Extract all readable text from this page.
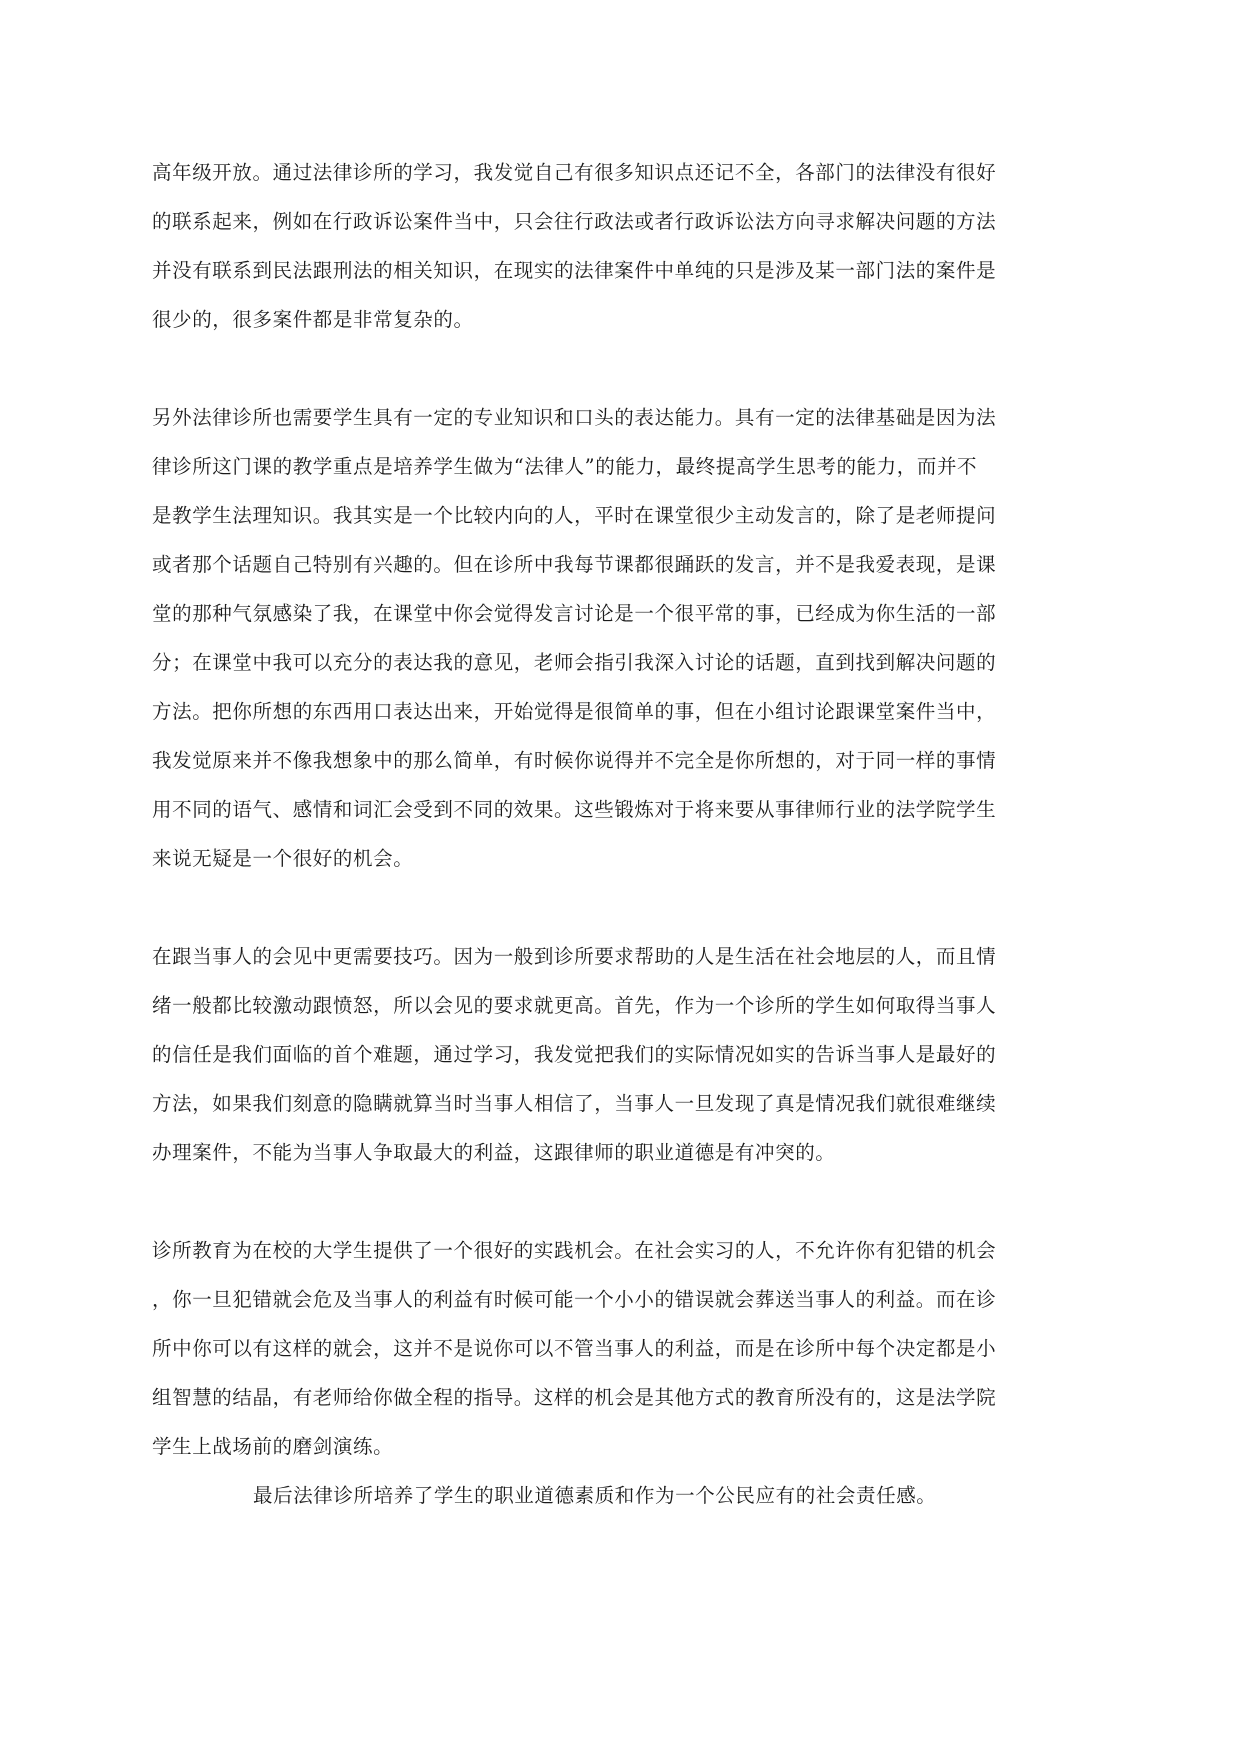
高年级开放。通过法律诊所的学习，我发觉自己有很多知识点还记不全，各部门的法律没有很好
的联系起来，例如在行政诉讼案件当中，只会往行政法或者行政诉讼法方向寻求解决问题的方法
并没有联系到民法跟刑法的相关知识，在现实的法律案件中单纯的只是涉及某一部门法的案件是
很少的，很多案件都是非常复杂的。
另外法律诊所也需要学生具有一定的专业知识和口头的表达能力。具有一定的法律基础是因为法
律诊所这门课的教学重点是培养学生做为“法律人”的能力，最终提高学生思考的能力，而并不
是教学生法理知识。我其实是一个比较内向的人，平时在课堂很少主动发言的，除了是老师提问
或者那个话题自己特别有兴趣的。但在诊所中我每节课都很踊跃的发言，并不是我爱表现，是课
堂的那种气氛感染了我，在课堂中你会觉得发言讨论是一个很平常的事，已经成为你生活的一部
分；在课堂中我可以充分的表达我的意见，老师会指引我深入讨论的话题，直到找到解决问题的
方法。把你所想的东西用口表达出来，开始觉得是很简单的事，但在小组讨论跟课堂案件当中，
我发觉原来并不像我想象中的那么简单，有时候你说得并不完全是你所想的，对于同一样的事情
用不同的语气、感情和词汇会受到不同的效果。这些锻炼对于将来要从事律师行业的法学院学生
来说无疑是一个很好的机会。
在跟当事人的会见中更需要技巧。因为一般到诊所要求帮助的人是生活在社会地层的人，而且情
绪一般都比较激动跟愤怒，所以会见的要求就更高。首先，作为一个诊所的学生如何取得当事人
的信任是我们面临的首个难题，通过学习，我发觉把我们的实际情况如实的告诉当事人是最好的
方法，如果我们刻意的隐瞒就算当时当事人相信了，当事人一旦发现了真是情况我们就很难继续
办理案件，不能为当事人争取最大的利益，这跟律师的职业道德是有冲突的。
诊所教育为在校的大学生提供了一个很好的实践机会。在社会实习的人，不允许你有犯错的机会
，你一旦犯错就会危及当事人的利益有时候可能一个小小的错误就会葬送当事人的利益。而在诊
所中你可以有这样的就会，这并不是说你可以不管当事人的利益，而是在诊所中每个决定都是小
组智慧的结晶，有老师给你做全程的指导。这样的机会是其他方式的教育所没有的，这是法学院
学生上战场前的磨剑演练。
最后法律诊所培养了学生的职业道德素质和作为一个公民应有的社会责任感。
